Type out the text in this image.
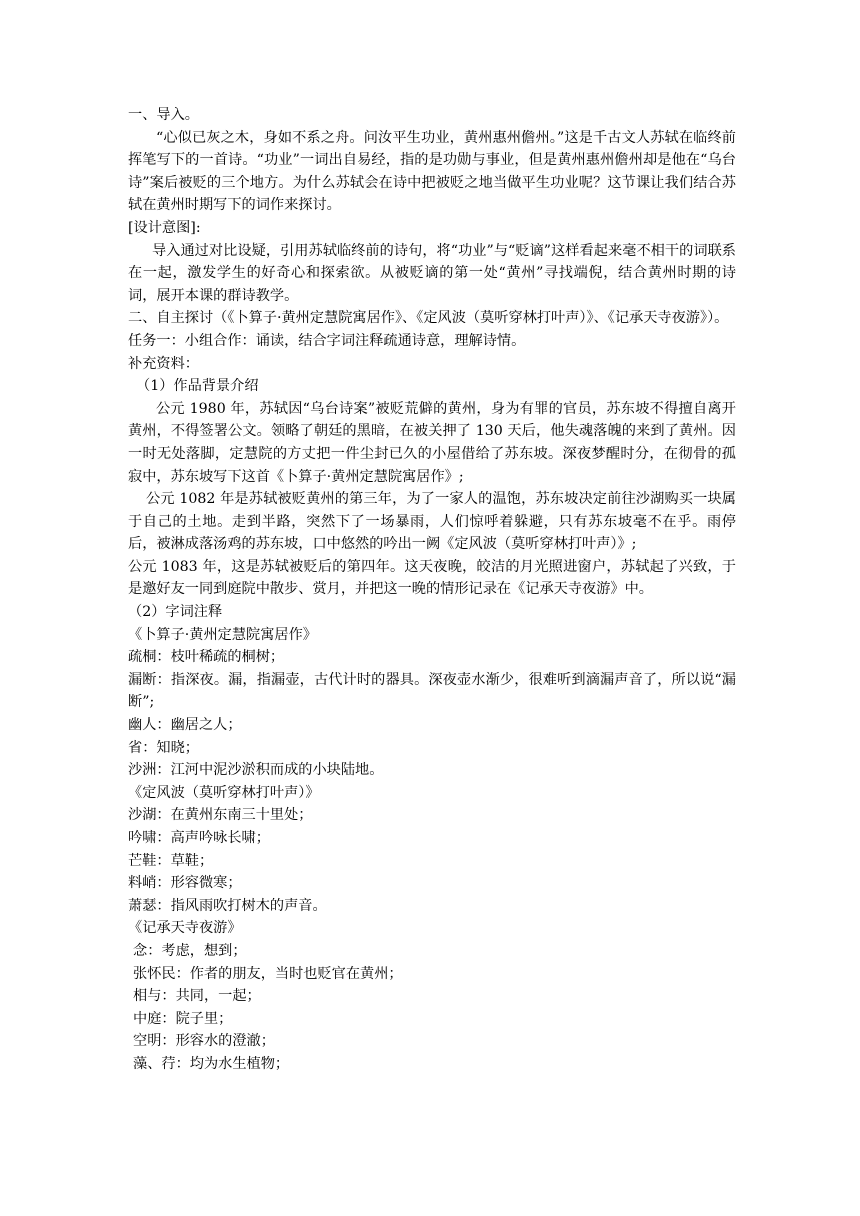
一、导入。
“心似已灰之木，身如不系之舟。问汝平生功业，黄州惠州儋州。”这是千古文人苏轼在临终前挥笔写下的一首诗。“功业”一词出自易经，指的是功勋与事业，但是黄州惠州儋州却是他在“乌台诗”案后被贬的三个地方。为什么苏轼会在诗中把被贬之地当做平生功业呢？这节课让我们结合苏轼在黄州时期写下的词作来探讨。
[设计意图]:
导入通过对比设疑，引用苏轼临终前的诗句，将“功业”与“贬谪”这样看起来毫不相干的词联系在一起，激发学生的好奇心和探索欲。从被贬谪的第一处“黄州”寻找端倪，结合黄州时期的诗词，展开本课的群诗教学。
二、自主探讨（《卜算子·黄州定慧院寓居作》、《定风波（莫听穿林打叶声）》、《记承天寺夜游》）。
任务一：小组合作：诵读，结合字词注释疏通诗意，理解诗情。
补充资料：
（1）作品背景介绍
公元 1980 年，苏轼因“乌台诗案”被贬荒僻的黄州，身为有罪的官员，苏东坡不得擅自离开黄州，不得签署公文。领略了朝廷的黑暗，在被关押了 130 天后，他失魂落魄的来到了黄州。因一时无处落脚，定慧院的方丈把一件尘封已久的小屋借给了苏东坡。深夜梦醒时分，在彻骨的孤寂中，苏东坡写下这首《卜算子·黄州定慧院寓居作》;
公元 1082 年是苏轼被贬黄州的第三年，为了一家人的温饱，苏东坡决定前往沙湖购买一块属于自己的土地。走到半路，突然下了一场暴雨，人们惊呼着躲避，只有苏东坡毫不在乎。雨停后，被淋成落汤鸡的苏东坡，口中悠然的吟出一阙《定风波（莫听穿林打叶声）》;
公元 1083 年，这是苏轼被贬后的第四年。这天夜晚，皎洁的月光照进窗户，苏轼起了兴致，于是邀好友一同到庭院中散步、赏月，并把这一晚的情形记录在《记承天寺夜游》中。
（2）字词注释
《卜算子·黄州定慧院寓居作》
疏桐：枝叶稀疏的桐树；
漏断：指深夜。漏，指漏壶，古代计时的器具。深夜壶水渐少，很难听到滴漏声音了，所以说“漏断”;
幽人：幽居之人；
省：知晓；
沙洲：江河中泥沙淤积而成的小块陆地。
《定风波（莫听穿林打叶声）》
沙湖：在黄州东南三十里处；
吟啸：高声吟咏长啸；
芒鞋：草鞋；
料峭：形容微寒；
萧瑟：指风雨吹打树木的声音。
《记承天寺夜游》
念：考虑，想到；
张怀民：作者的朋友，当时也贬官在黄州；
相与：共同，一起；
中庭：院子里；
空明：形容水的澄澈；
藻、荇：均为水生植物；
